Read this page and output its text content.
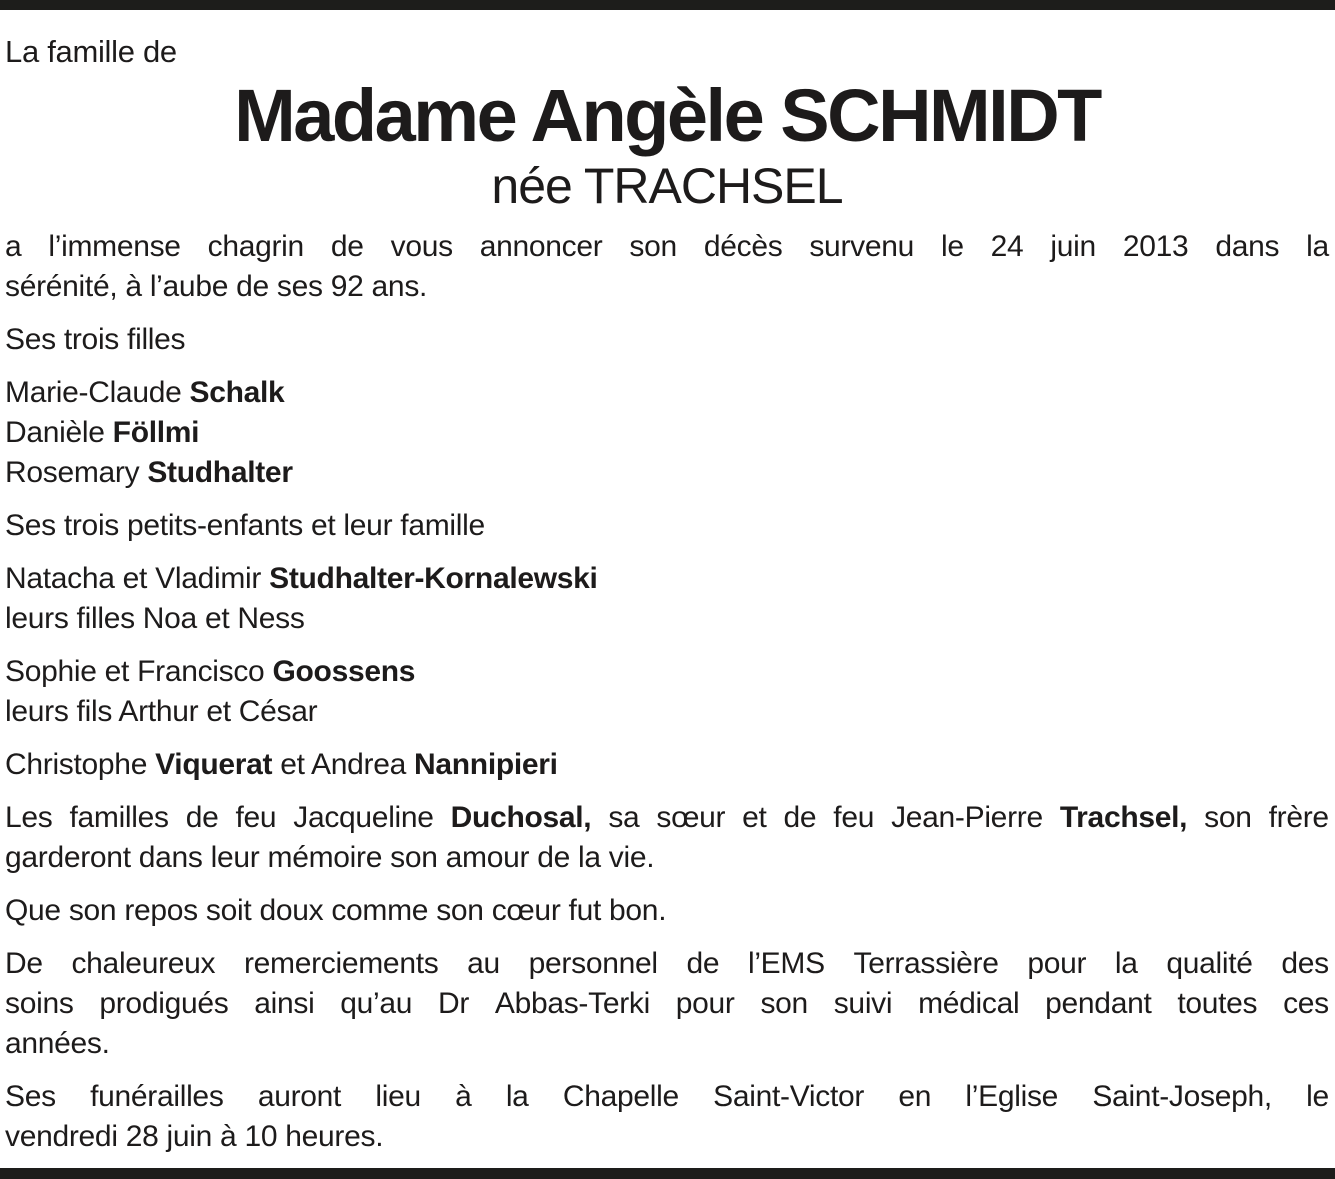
La famille de
Madame Angèle SCHMIDT
née TRACHSEL
a l’immense chagrin de vous annoncer son décès survenu le 24 juin 2013 dans la
sérénité, à l’aube de ses 92 ans.
Ses trois filles
Marie-Claude Schalk
Danièle Föllmi
Rosemary Studhalter
Ses trois petits-enfants et leur famille
Natacha et Vladimir Studhalter-Kornalewski
leurs filles Noa et Ness
Sophie et Francisco Goossens
leurs fils Arthur et César
Christophe Viquerat et Andrea Nannipieri
Les familles de feu Jacqueline Duchosal, sa sœur et de feu Jean-Pierre Trachsel, son frère
garderont dans leur mémoire son amour de la vie.
Que son repos soit doux comme son cœur fut bon.
De chaleureux remerciements au personnel de l’EMS Terrassière pour la qualité des
soins prodigués ainsi qu’au Dr Abbas-Terki pour son suivi médical pendant toutes ces
années.
Ses funérailles auront lieu à la Chapelle Saint-Victor en l’Eglise Saint-Joseph, le
vendredi 28 juin à 10 heures.
